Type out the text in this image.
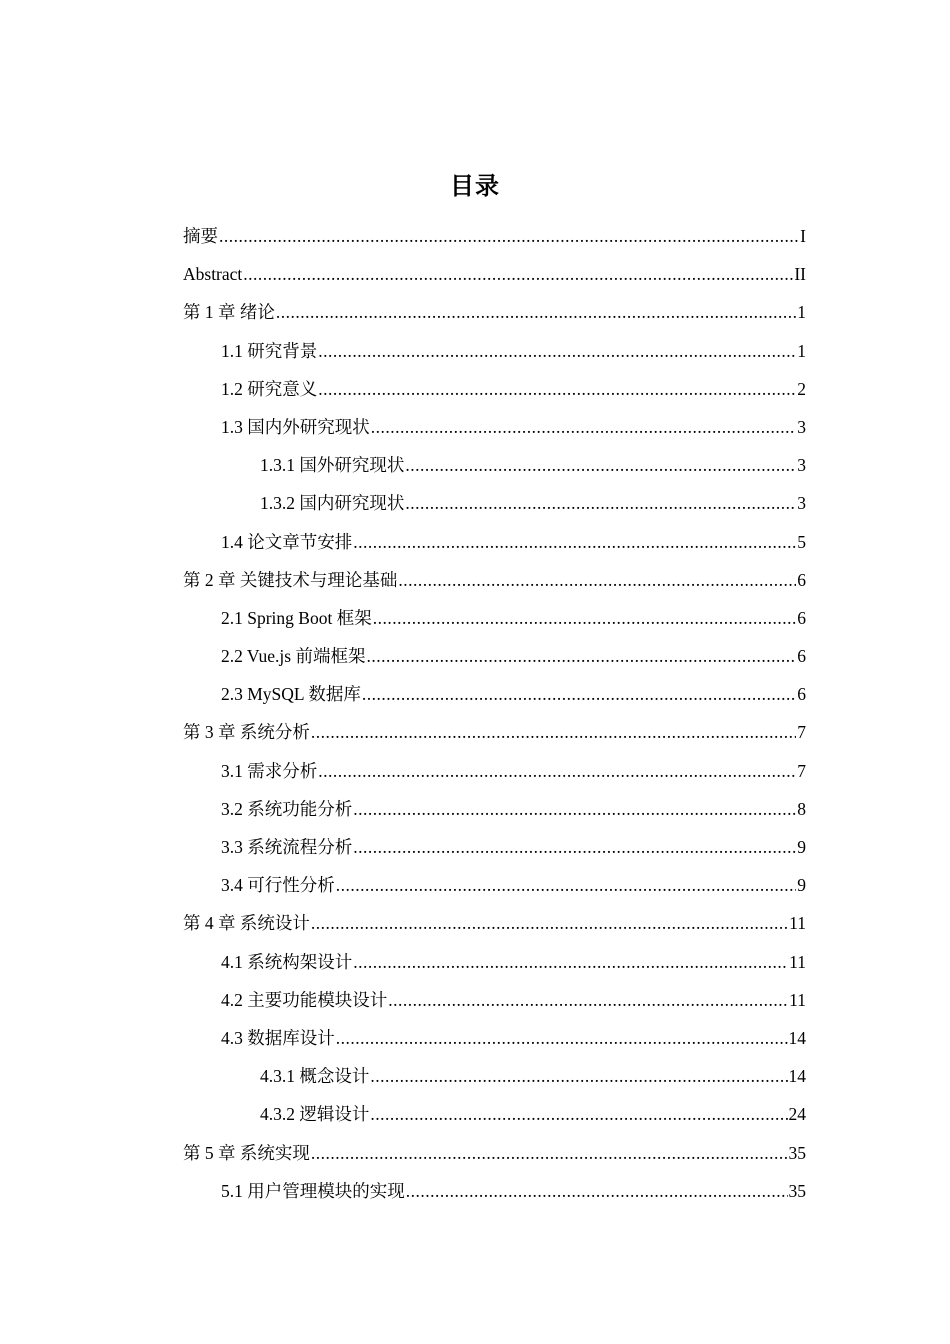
目录
摘要 .....	I
Abstract .....	II
第 1 章 绪论 .....	1
1.1 研究背景 .....	1
1.2 研究意义 .....	2
1.3 国内外研究现状 .....	3
1.3.1 国外研究现状 .....	3
1.3.2 国内研究现状 .....	3
1.4 论文章节安排 .....	5
第 2 章 关键技术与理论基础 .....	6
2.1 Spring Boot 框架 .....	6
2.2 Vue.js 前端框架 .....	6
2.3 MySQL 数据库 .....	6
第 3 章 系统分析 .....	7
3.1 需求分析 .....	7
3.2 系统功能分析 .....	8
3.3 系统流程分析 .....	9
3.4 可行性分析 .....	9
第 4 章 系统设计 .....	11
4.1 系统构架设计 .....	11
4.2 主要功能模块设计 .....	11
4.3 数据库设计 .....	14
4.3.1 概念设计 .....	14
4.3.2 逻辑设计 .....	24
第 5 章 系统实现 .....	35
5.1 用户管理模块的实现 .....	35
